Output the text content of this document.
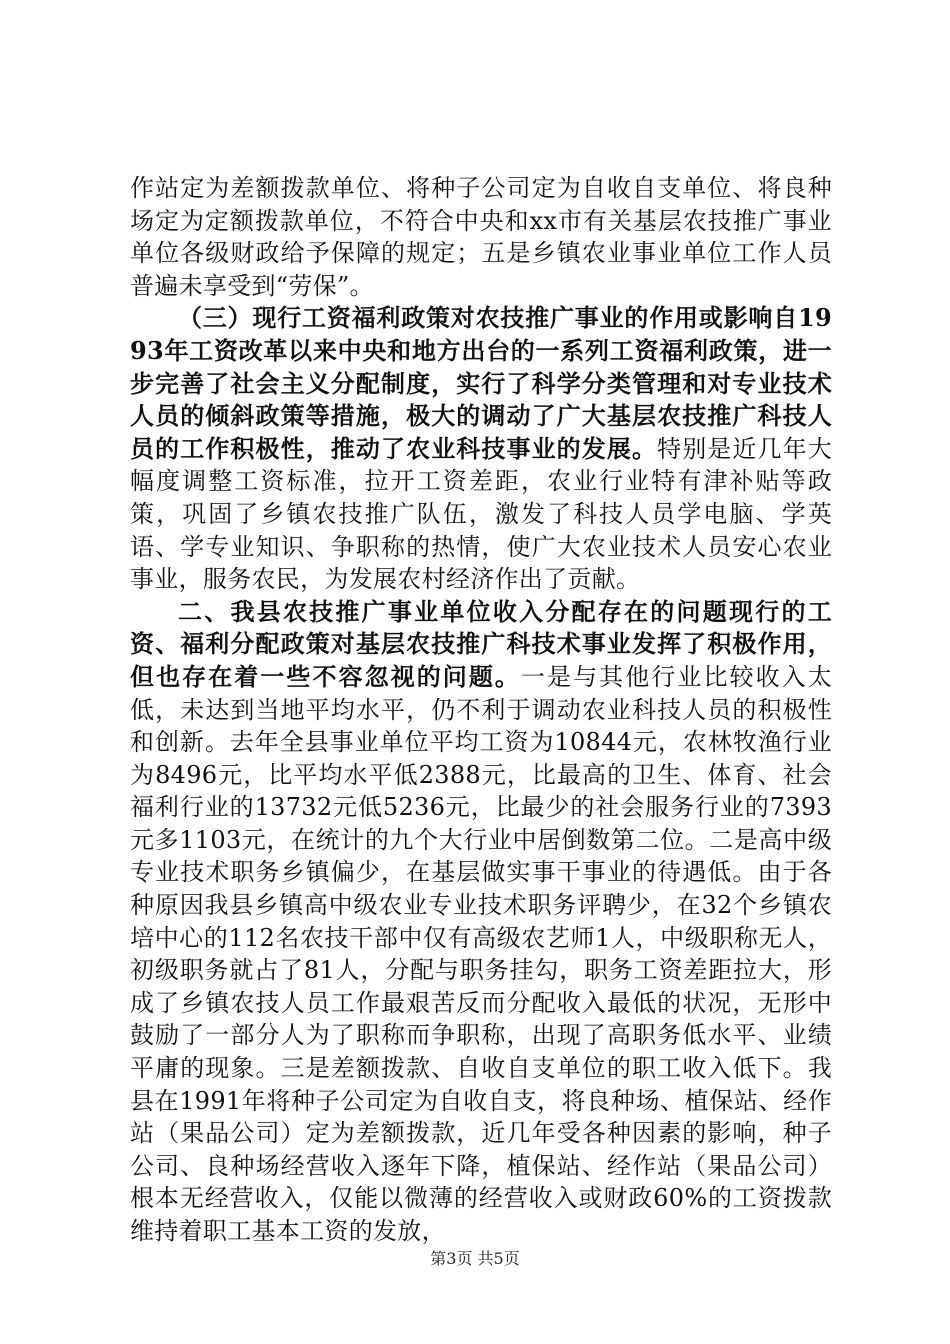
作站定为差额拨款单位、将种子公司定为自收自支单位、将良种场定为定额拨款单位，不符合中央和xx市有关基层农技推广事业单位各级财政给予保障的规定；五是乡镇农业事业单位工作人员普遍未享受到“劳保”。

（三）现行工资福利政策对农技推广事业的作用或影响自1993年工资改革以来中央和地方出台的一系列工资福利政策，进一步完善了社会主义分配制度，实行了科学分类管理和对专业技术人员的倾斜政策等措施，极大的调动了广大基层农技推广科技人员的工作积极性，推动了农业科技事业的发展。特别是近几年大幅度调整工资标准，拉开工资差距，农业行业特有津补贴等政策，巩固了乡镇农技推广队伍，激发了科技人员学电脑、学英语、学专业知识、争职称的热情，使广大农业技术人员安心农业事业，服务农民，为发展农村经济作出了贡献。

二、我县农技推广事业单位收入分配存在的问题现行的工资、福利分配政策对基层农技推广科技术事业发挥了积极作用，但也存在着一些不容忽视的问题。一是与其他行业比较收入太低，未达到当地平均水平，仍不利于调动农业科技人员的积极性和创新。去年全县事业单位平均工资为10844元，农林牧渔行业为8496元，比平均水平低2388元，比最高的卫生、体育、社会福利行业的13732元低5236元，比最少的社会服务行业的7393元多1103元，在统计的九个大行业中居倒数第二位。二是高中级专业技术职务乡镇偏少，在基层做实事干事业的待遇低。由于各种原因我县乡镇高中级农业专业技术职务评聘少，在32个乡镇农培中心的112名农技干部中仅有高级农艺师1人，中级职称无人，初级职务就占了81人，分配与职务挂勾，职务工资差距拉大，形成了乡镇农技人员工作最艰苦反而分配收入最低的状况，无形中鼓励了一部分人为了职称而争职称，出现了高职务低水平、业绩平庸的现象。三是差额拨款、自收自支单位的职工收入低下。我县在1991年将种子公司定为自收自支，将良种场、植保站、经作站（果品公司）定为差额拨款，近几年受各种因素的影响，种子公司、良种场经营收入逐年下降，植保站、经作站（果品公司）根本无经营收入，仅能以微薄的经营收入或财政60%的工资拨款维持着职工基本工资的发放，

第3页 共5页
